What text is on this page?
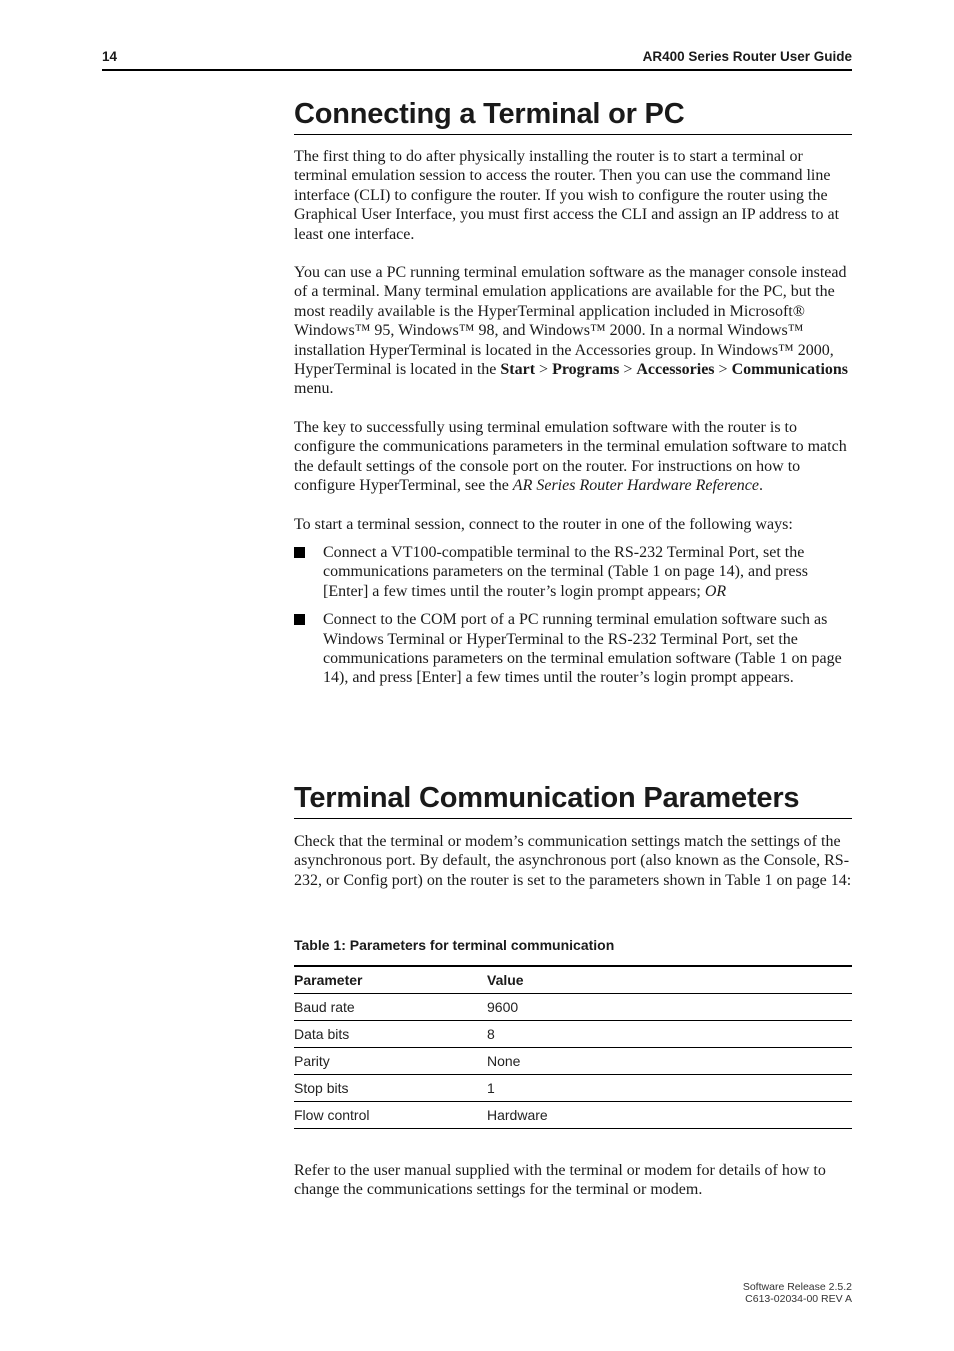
14	AR400 Series Router User Guide
Connecting a Terminal or PC

The first thing to do after physically installing the router is to start a terminal or terminal emulation session to access the router. Then you can use the command line interface (CLI) to configure the router. If you wish to configure the router using the Graphical User Interface, you must first access the CLI and assign an IP address to at least one interface.

You can use a PC running terminal emulation software as the manager console instead of a terminal. Many terminal emulation applications are available for the PC, but the most readily available is the HyperTerminal application included in Microsoft® Windows™ 95, Windows™ 98, and Windows™ 2000. In a normal Windows™ installation HyperTerminal is located in the Accessories group. In Windows™ 2000, HyperTerminal is located in the Start > Programs > Accessories > Communications menu.

The key to successfully using terminal emulation software with the router is to configure the communications parameters in the terminal emulation software to match the default settings of the console port on the router. For instructions on how to configure HyperTerminal, see the AR Series Router Hardware Reference.

To start a terminal session, connect to the router in one of the following ways:

Connect a VT100-compatible terminal to the RS-232 Terminal Port, set the communications parameters on the terminal (Table 1 on page 14), and press [Enter] a few times until the router’s login prompt appears; OR
Connect to the COM port of a PC running terminal emulation software such as Windows Terminal or HyperTerminal to the RS-232 Terminal Port, set the communications parameters on the terminal emulation software (Table 1 on page 14), and press [Enter] a few times until the router’s login prompt appears.
Terminal Communication Parameters

Check that the terminal or modem’s communication settings match the settings of the asynchronous port. By default, the asynchronous port (also known as the Console, RS-232, or Config port) on the router is set to the parameters shown in Table 1 on page 14:

Table 1: Parameters for terminal communication
Parameter	Value
Baud rate	9600
Data bits	8
Parity	None
Stop bits	1
Flow control	Hardware

Refer to the user manual supplied with the terminal or modem for details of how to change the communications settings for the terminal or modem.

Software Release 2.5.2
C613-02034-00 REV A
